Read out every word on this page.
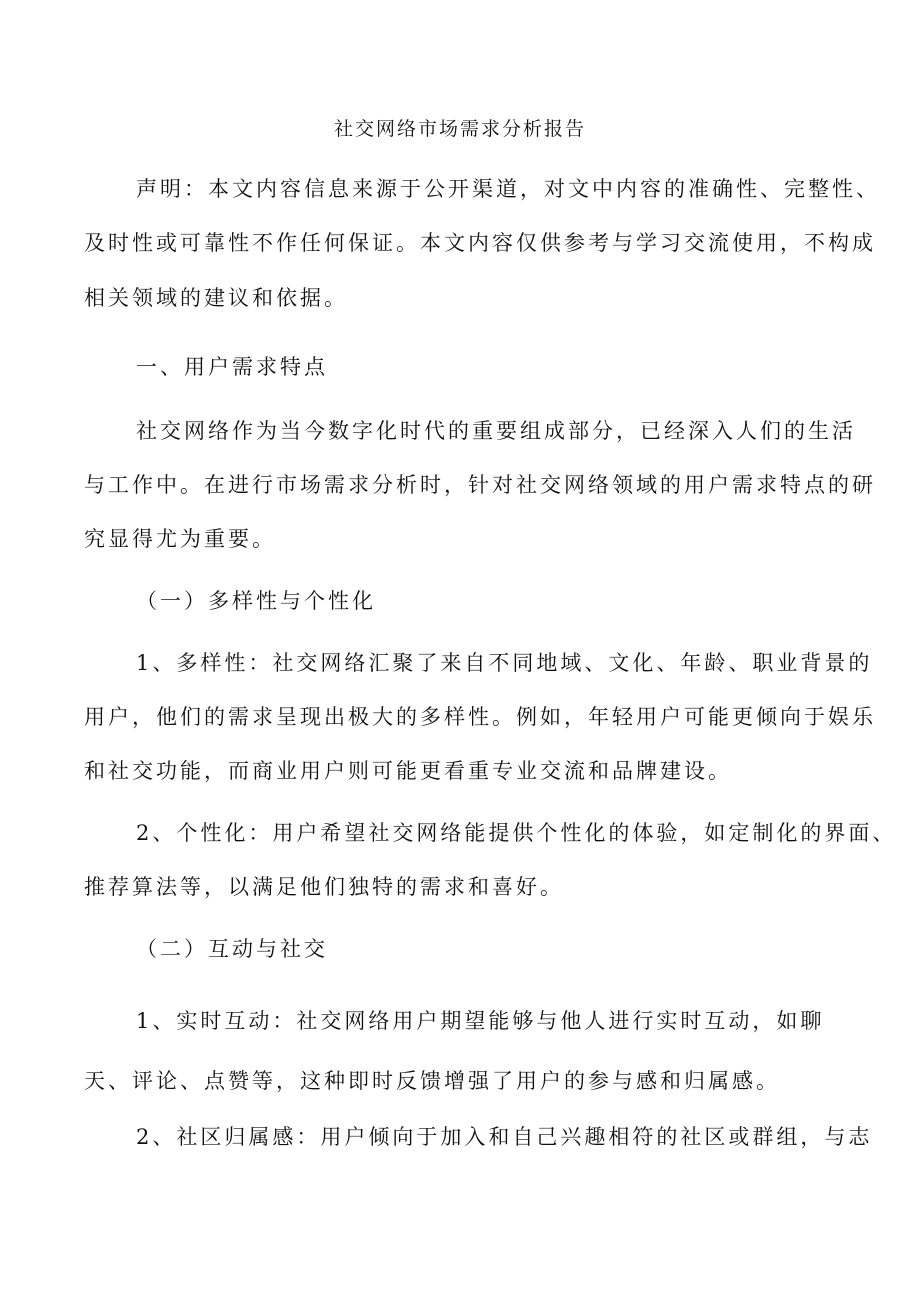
社交网络市场需求分析报告
声明：本文内容信息来源于公开渠道，对文中内容的准确性、完整性、
及时性或可靠性不作任何保证。本文内容仅供参考与学习交流使用，不构成
相关领域的建议和依据。
一、用户需求特点
社交网络作为当今数字化时代的重要组成部分，已经深入人们的生活
与工作中。在进行市场需求分析时，针对社交网络领域的用户需求特点的研
究显得尤为重要。
（一）多样性与个性化
1、多样性：社交网络汇聚了来自不同地域、文化、年龄、职业背景的
用户，他们的需求呈现出极大的多样性。例如，年轻用户可能更倾向于娱乐
和社交功能，而商业用户则可能更看重专业交流和品牌建设。
2、个性化：用户希望社交网络能提供个性化的体验，如定制化的界面、
推荐算法等，以满足他们独特的需求和喜好。
（二）互动与社交
1、实时互动：社交网络用户期望能够与他人进行实时互动，如聊
天、评论、点赞等，这种即时反馈增强了用户的参与感和归属感。
2、社区归属感：用户倾向于加入和自己兴趣相符的社区或群组，与志
